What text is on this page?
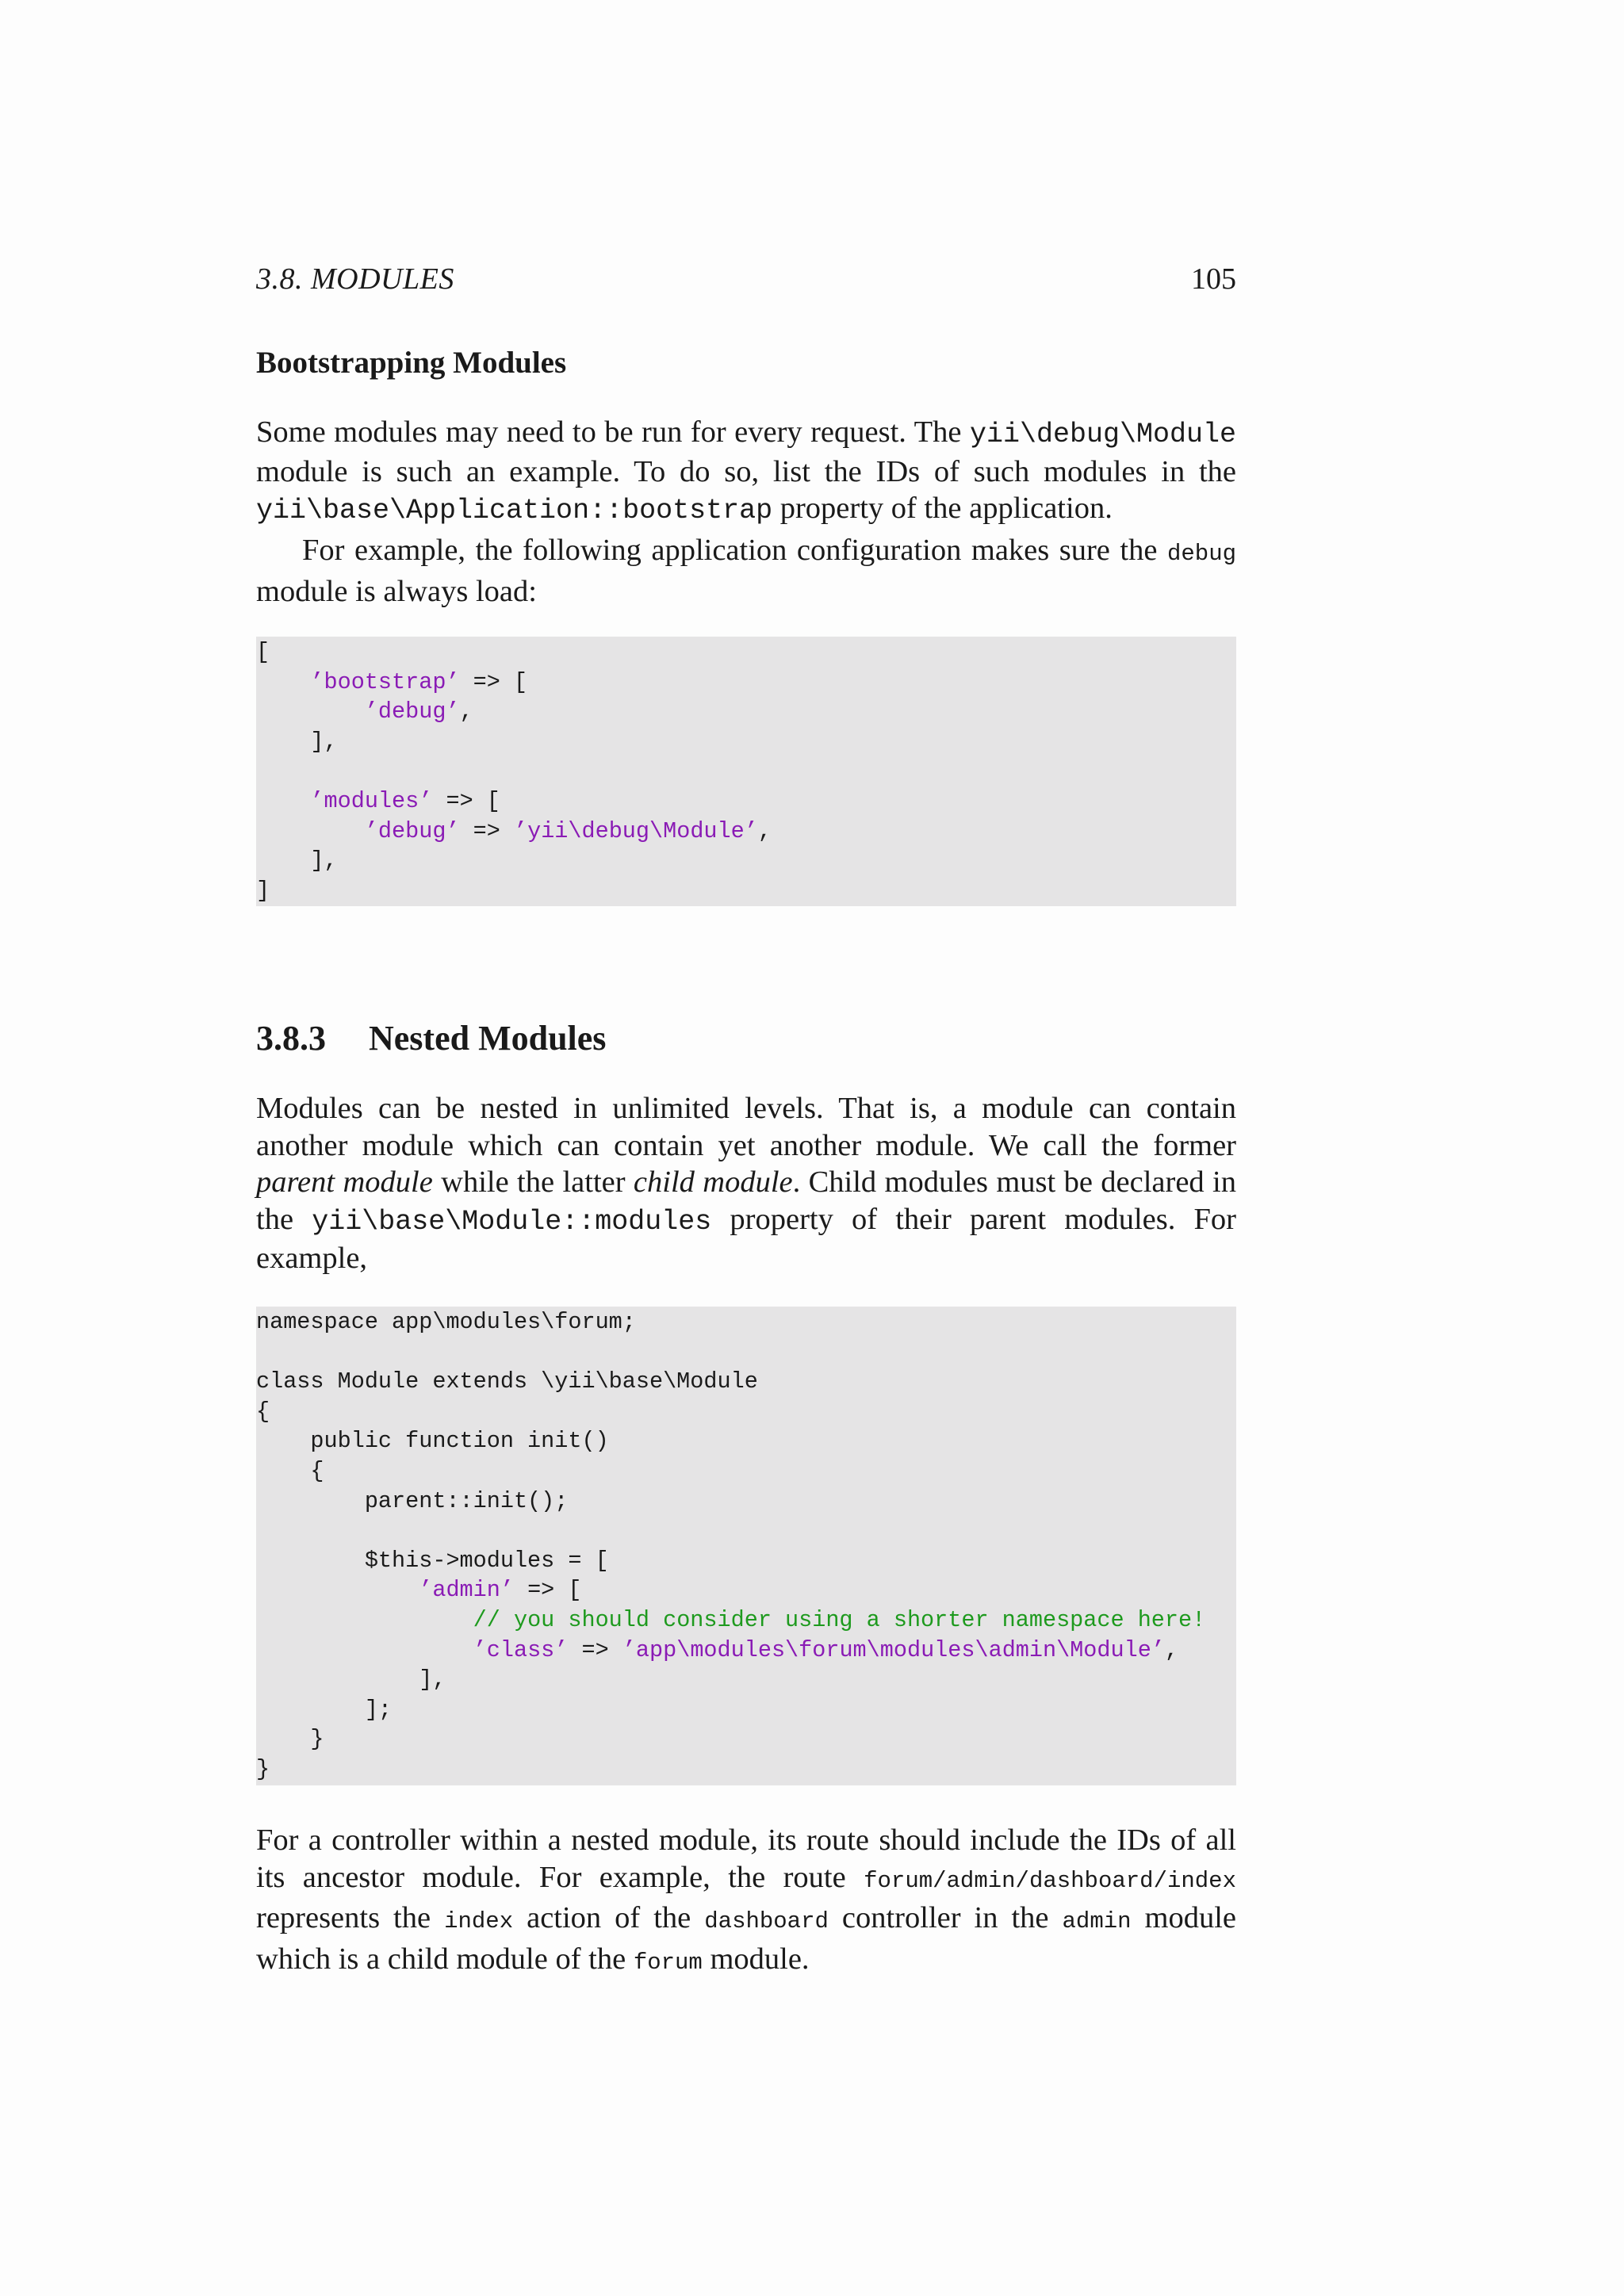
3.8. MODULES	105
Bootstrapping Modules

Some modules may need to be run for every request. The yii\debug\Module module is such an example. To do so, list the IDs of such modules in the yii\base\Application::bootstrap property of the application.

For example, the following application configuration makes sure the debug module is always load:

[
’bootstrap’ => [
’debug’,
],
’modules’ => [
’debug’ => ’yii\debug\Module’,
],
]
3.8.3 Nested Modules

Modules can be nested in unlimited levels. That is, a module can contain another module which can contain yet another module. We call the former parent module while the latter child module. Child modules must be declared in the yii\base\Module::modules property of their parent modules. For example,

namespace app\modules\forum;
class Module extends \yii\base\Module
{
public function init()
{
parent::init();
$this->modules = [
’admin’ => [
// you should consider using a shorter namespace here!
’class’ => ’app\modules\forum\modules\admin\Module’,
],
];
}
}

For a controller within a nested module, its route should include the IDs of all its ancestor module. For example, the route forum/admin/dashboard/index represents the index action of the dashboard controller in the admin module which is a child module of the forum module.
